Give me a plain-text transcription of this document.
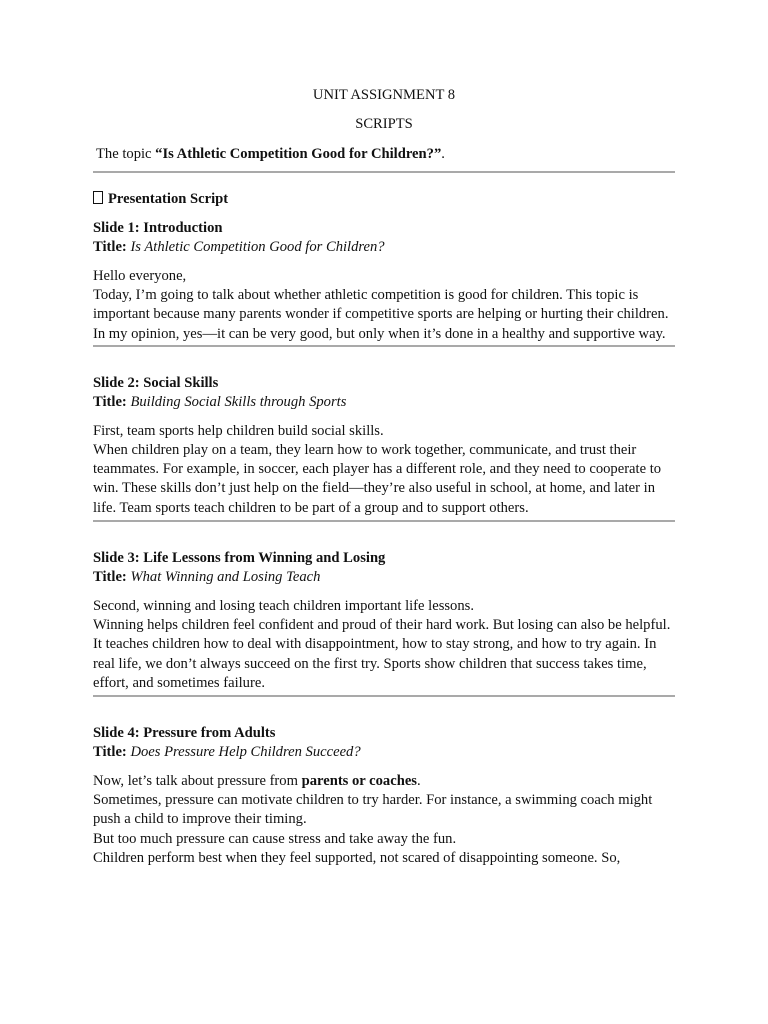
UNIT ASSIGNMENT 8

SCRIPTS

The topic “Is Athletic Competition Good for Children?”.

Presentation Script

Slide 1: Introduction

Title: Is Athletic Competition Good for Children?

Hello everyone,

Today, I’m going to talk about whether athletic competition is good for children. This topic is important because many parents wonder if competitive sports are helping or hurting their children. In my opinion, yes—it can be very good, but only when it’s done in a healthy and supportive way.

Slide 2: Social Skills

Title: Building Social Skills through Sports

First, team sports help children build social skills.

When children play on a team, they learn how to work together, communicate, and trust their teammates. For example, in soccer, each player has a different role, and they need to cooperate to win. These skills don’t just help on the field—they’re also useful in school, at home, and later in life. Team sports teach children to be part of a group and to support others.

Slide 3: Life Lessons from Winning and Losing

Title: What Winning and Losing Teach

Second, winning and losing teach children important life lessons.

Winning helps children feel confident and proud of their hard work. But losing can also be helpful. It teaches children how to deal with disappointment, how to stay strong, and how to try again. In real life, we don’t always succeed on the first try. Sports show children that success takes time, effort, and sometimes failure.

Slide 4: Pressure from Adults

Title: Does Pressure Help Children Succeed?

Now, let’s talk about pressure from parents or coaches.

Sometimes, pressure can motivate children to try harder. For instance, a swimming coach might push a child to improve their timing.

But too much pressure can cause stress and take away the fun.

Children perform best when they feel supported, not scared of disappointing someone. So,
